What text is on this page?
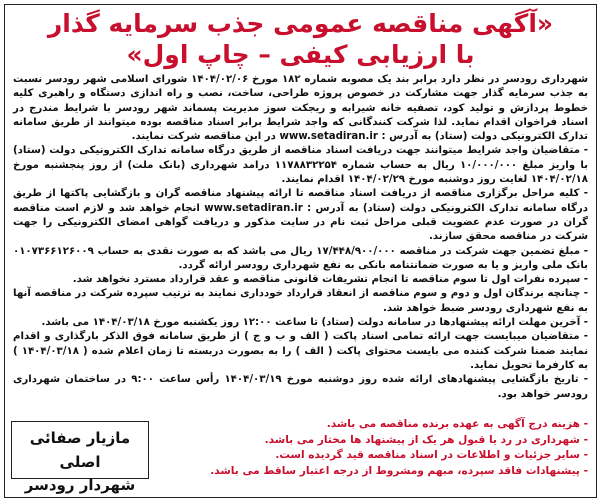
«آگهی مناقصه عمومی جذب سرمایه گذار

با ارزیابی کیفی – چاپ اول»

شهرداری رودسر در نظر دارد برابر بند یک مصوبه شماره ۱۸۲ مورخ ۱۴۰۴/۰۲/۰۶ شورای اسلامی شهر رودسر نسبت به جذب سرمایه گذار جهت مشارکت در خصوص پروژه طراحی، ساخت، نصب و راه اندازی دستگاه و راهبری کلیه خطوط پردازش و تولید کود، تصفیه خانه شیرابه و ریجکت سوز مدیریت پسماند شهر رودسر با شرایط مندرج در اسناد فراخوان اقدام نماید. لذا شرکت کنندگانی که واجد شرایط برابر اسناد مناقصه بوده میتوانند از طریق سامانه تدارک الکترونیکی دولت (ستاد) به آدرس : www.setadiran.ir در این مناقصه شرکت نمایند.

- متقاضیان واجد شرایط میتوانند جهت دریافت اسناد مناقصه از طریق درگاه سامانه تدارک الکترونیکی دولت (ستاد) با واریز مبلغ ۱۰/۰۰۰/۰۰۰ ریال به حساب شماره ۱۱۷۸۸۳۲۲۵۴ درامد شهرداری (بانک ملت) از روز پنجشنبه مورخ ۱۴۰۴/۰۲/۱۸ لغایت روز دوشنبه مورخ ۱۴۰۴/۰۲/۲۹ اقدام نمایند.

- کلیه مراحل برگزاری مناقصه از دریافت اسناد مناقصه تا ارائه پیشنهاد مناقصه گران و بازگشایی پاکتها از طریق درگاه سامانه تدارک الکترونیکی دولت (ستاد) به آدرس : www.setadiran.ir انجام خواهد شد و لازم است مناقصه گران در صورت عدم عضویت قبلی مراحل ثبت نام در سایت مذکور و دریافت گواهی امضای الکترونیکی را جهت شرکت در مناقصه محقق سازند.

- مبلغ تضمین جهت شرکت در مناقصه ۱۷/۴۴۸/۹۰۰/۰۰۰ ریال می باشد که به صورت نقدی به حساب ۰۱۰۷۳۶۶۱۲۶۰۰۹ بانک ملی واریز و یا به صورت ضمانتنامه بانکی به نفع شهرداری رودسر ارائه گردد.

- سپرده نفرات اول تا سوم مناقصه تا انجام تشریفات قانونی مناقصه و عقد قرارداد مسترد نخواهد شد.

- چنانچه برندگان اول و دوم و سوم مناقصه از انعقاد قرارداد خودداری نمایند به ترتیب سپرده شرکت در مناقصه آنها به نفع شهرداری رودسر ضبط خواهد شد.

- آخرین مهلت ارائه پیشنهادها در سامانه دولت (ستاد) تا ساعت ۱۲:۰۰ روز یکشنبه مورخ ۱۴۰۴/۰۳/۱۸ می باشد.

- متقاضیان میبایست جهت ارائه تمامی اسناد پاکت ( الف و ب و ج ) از طریق سامانه فوق الذکر بارگذاری و اقدام نمایند ضمنا شرکت کننده می بایست محتوای پاکت ( الف ) را به بصورت دربسته تا زمان اعلام شده ( ۱۴۰۴/۰۳/۱۸ ) به کارفرما تحویل نماید.

- تاریخ بازگشایی پیشنهادهای ارائه شده روز دوشنبه مورخ ۱۴۰۴/۰۳/۱۹ رأس ساعت ۹:۰۰ در ساختمان شهرداری رودسر خواهد بود.

- هزینه درج آگهی به عهده برنده مناقصه می باشد.
- شهرداری در رد یا قبول هر یک از پیشنهاد ها مختار می باشد.
- سایر جزئیات و اطلاعات در اسناد مناقصه قید گردیده است.
- پیشنهادات فاقد سپرده، مبهم ومشروط از درجه اعتبار ساقط می باشد.
مازیار صفائی اصلی
شهردار رودسر
